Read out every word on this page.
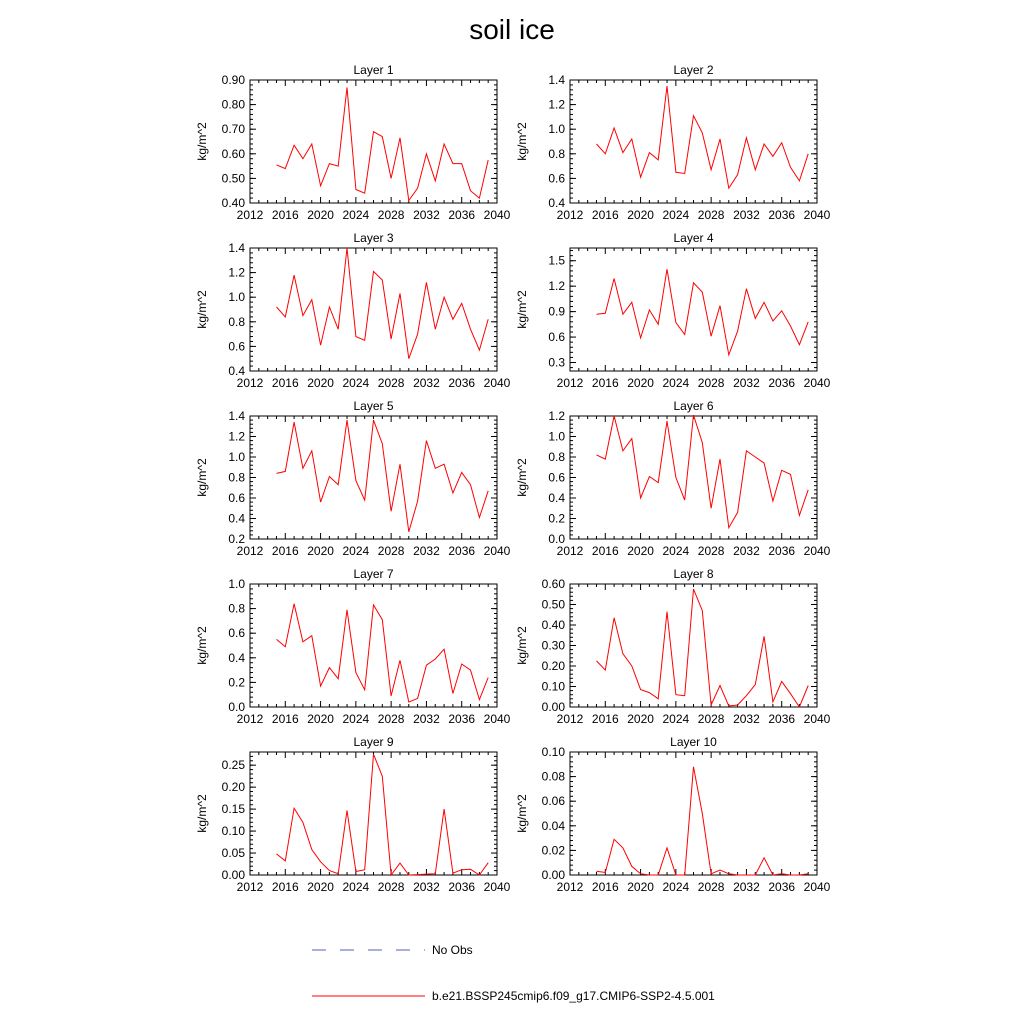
soil ice
Layer 1
2012 2016 2020 2024 2028 2032 2036 2040
0.40
0.50
0.60
0.70
0.80
0.90
kg/m^2
Layer 2
2012 2016 2020 2024 2028 2032 2036 2040
0.4
0.6
0.8
1.0
1.2
1.4
kg/m^2
Layer 3
2012 2016 2020 2024 2028 2032 2036 2040
0.4
0.6
0.8
1.0
1.2
1.4
kg/m^2
Layer 4
2012 2016 2020 2024 2028 2032 2036 2040
0.3
0.6
0.9
1.2
1.5
kg/m^2
Layer 5
2012 2016 2020 2024 2028 2032 2036 2040
0.2
0.4
0.6
0.8
1.0
1.2
1.4
kg/m^2
Layer 6
2012 2016 2020 2024 2028 2032 2036 2040
0.0
0.2
0.4
0.6
0.8
1.0
1.2
kg/m^2
Layer 7
2012 2016 2020 2024 2028 2032 2036 2040
0.0
0.2
0.4
0.6
0.8
1.0
kg/m^2
Layer 8
2012 2016 2020 2024 2028 2032 2036 2040
0.00
0.10
0.20
0.30
0.40
0.50
0.60
kg/m^2
Layer 9
2012 2016 2020 2024 2028 2032 2036 2040
0.00
0.05
0.10
0.15
0.20
0.25
kg/m^2
Layer 10
2012 2016 2020 2024 2028 2032 2036 2040
0.00
0.02
0.04
0.06
0.08
0.10
kg/m^2
No Obs
b.e21.BSSP245cmip6.f09_g17.CMIP6-SSP2-4.5.001
